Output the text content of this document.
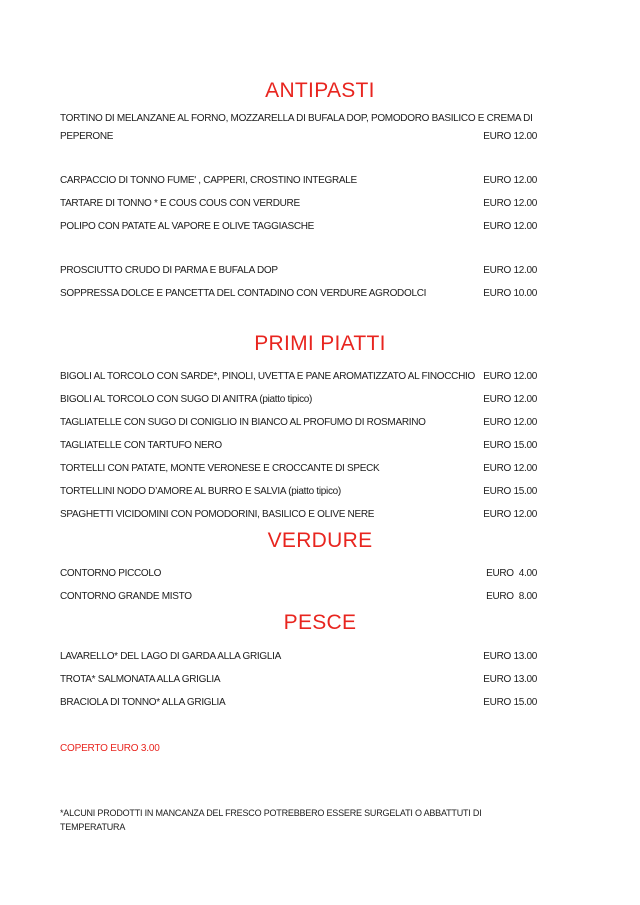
ANTIPASTI
TORTINO DI MELANZANE AL FORNO, MOZZARELLA DI BUFALA DOP, POMODORO BASILICO E CREMA DI PEPERONE	EURO 12.00
CARPACCIO DI TONNO FUME' , CAPPERI, CROSTINO INTEGRALE	EURO 12.00
TARTARE DI TONNO * E COUS COUS CON VERDURE	EURO 12.00
POLIPO CON PATATE AL VAPORE E OLIVE TAGGIASCHE	EURO 12.00
PROSCIUTTO CRUDO DI PARMA E BUFALA DOP	EURO 12.00
SOPPRESSA DOLCE E PANCETTA DEL CONTADINO CON VERDURE AGRODOLCI	EURO 10.00
PRIMI PIATTI
BIGOLI AL TORCOLO CON SARDE*, PINOLI, UVETTA E PANE AROMATIZZATO AL FINOCCHIO EURO 12.00
BIGOLI AL TORCOLO CON SUGO DI ANITRA (piatto tipico)	EURO 12.00
TAGLIATELLE CON SUGO DI CONIGLIO IN BIANCO AL PROFUMO DI ROSMARINO	EURO 12.00
TAGLIATELLE CON TARTUFO NERO	EURO 15.00
TORTELLI CON PATATE, MONTE VERONESE E CROCCANTE DI SPECK	EURO 12.00
TORTELLINI NODO D’AMORE AL BURRO E SALVIA (piatto tipico)	EURO 15.00
SPAGHETTI VICIDOMINI CON POMODORINI, BASILICO E OLIVE NERE	EURO 12.00
VERDURE
CONTORNO PICCOLO	EURO  4.00
CONTORNO GRANDE MISTO	EURO  8.00
PESCE
LAVARELLO* DEL LAGO DI GARDA ALLA GRIGLIA	EURO 13.00
TROTA* SALMONATA ALLA GRIGLIA	EURO 13.00
BRACIOLA DI TONNO* ALLA GRIGLIA	EURO 15.00
COPERTO EURO 3.00
*ALCUNI PRODOTTI IN MANCANZA DEL FRESCO POTREBBERO ESSERE SURGELATI O ABBATTUTI DI TEMPERATURA
